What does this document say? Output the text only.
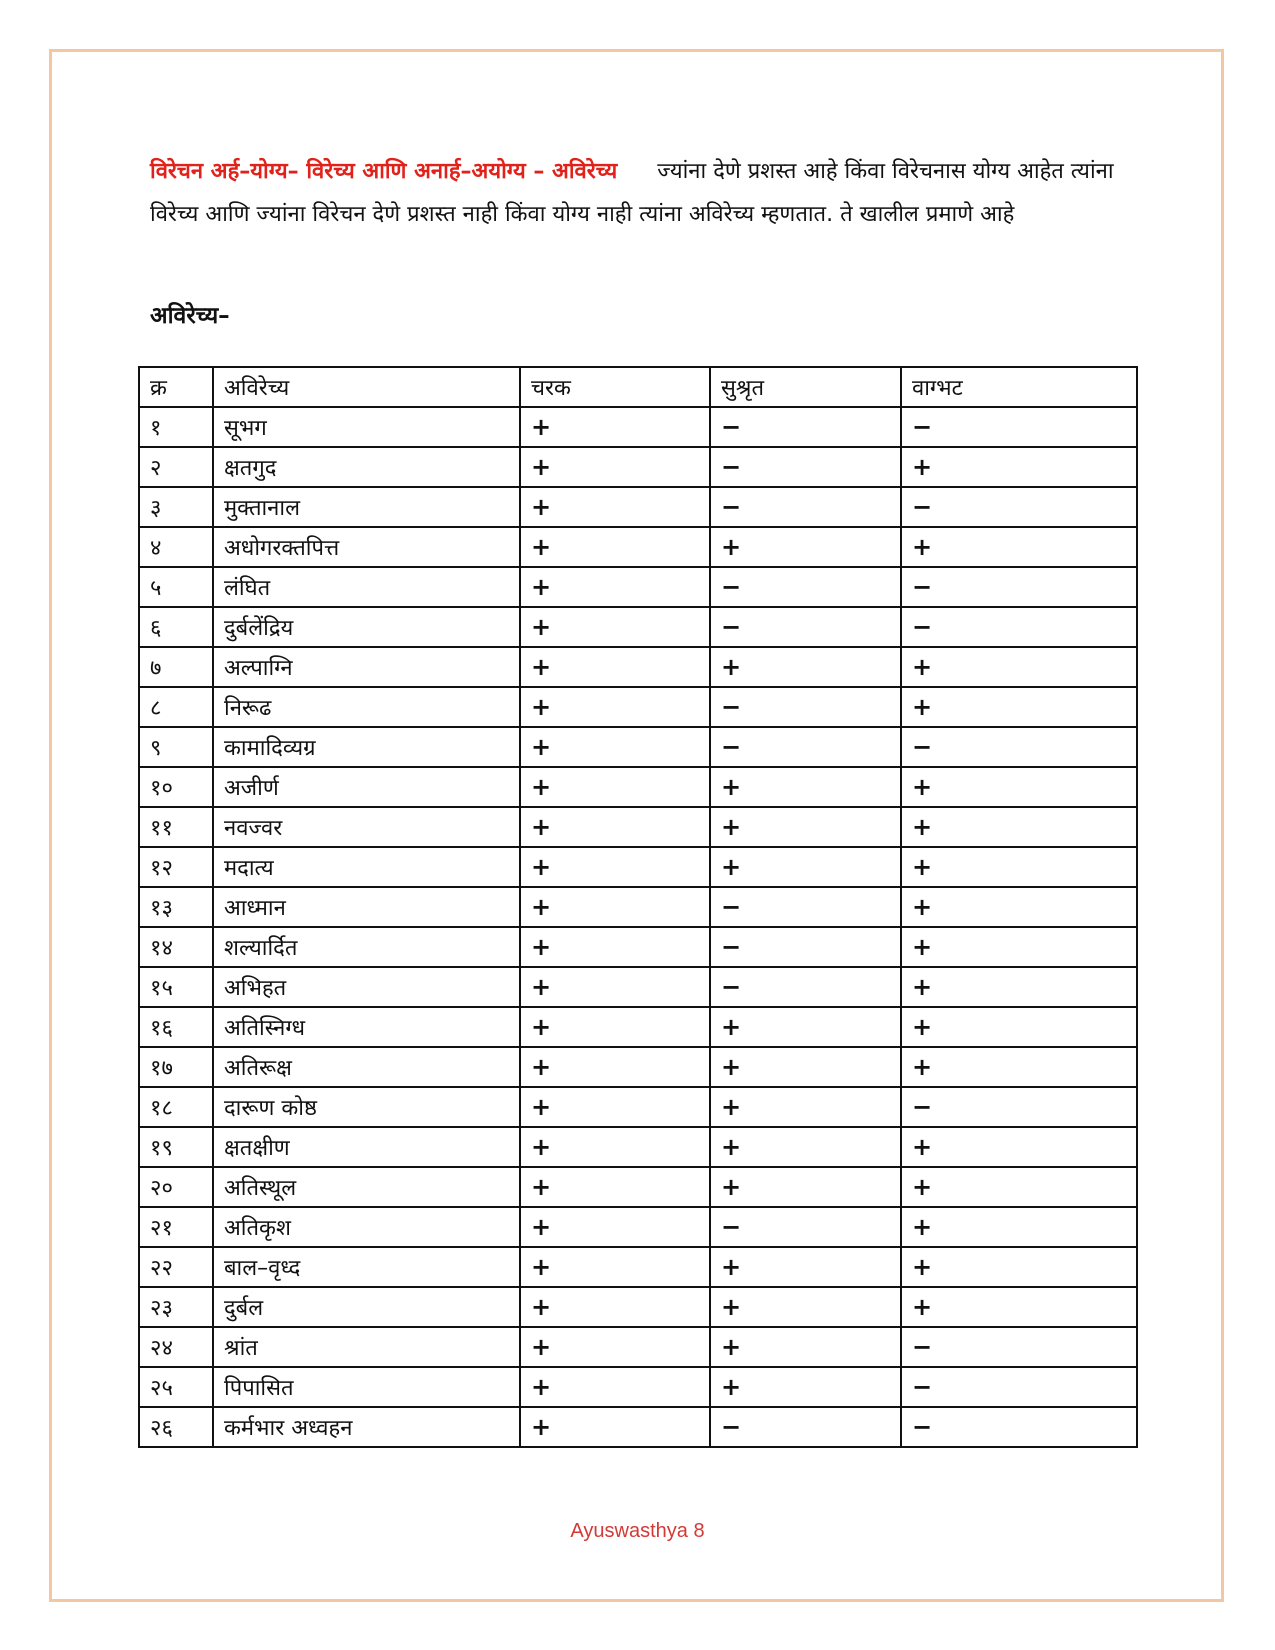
विरेचन अर्ह–योग्य– विरेच्य आणि अनार्ह–अयोग्य – अविरेच्य ज्यांना देणे प्रशस्त आहे किंवा विरेचनास योग्य आहेत त्यांना विरेच्य आणि ज्यांना विरेचन देणे प्रशस्त नाही किंवा योग्य नाही त्यांना अविरेच्य म्हणतात. ते खालील प्रमाणे आहे

अविरेच्य–
क्र	अविरेच्य	चरक	सुश्रृत	वाग्भट
१	सूभग	+	−	−
२	क्षतगुद	+	−	+
३	मुक्तानाल	+	−	−
४	अधोगरक्तपित्त	+	+	+
५	लंघित	+	−	−
६	दुर्बलेंद्रिय	+	−	−
७	अल्पाग्नि	+	+	+
८	निरूढ	+	−	+
९	कामादिव्यग्र	+	−	−
१०	अजीर्ण	+	+	+
११	नवज्वर	+	+	+
१२	मदात्य	+	+	+
१३	आध्मान	+	−	+
१४	शल्यार्दित	+	−	+
१५	अभिहत	+	−	+
१६	अतिस्निग्ध	+	+	+
१७	अतिरूक्ष	+	+	+
१८	दारूण कोष्ठ	+	+	−
१९	क्षतक्षीण	+	+	+
२०	अतिस्थूल	+	+	+
२१	अतिकृश	+	−	+
२२	बाल–वृध्द	+	+	+
२३	दुर्बल	+	+	+
२४	श्रांत	+	+	−
२५	पिपासित	+	+	−
२६	कर्मभार अध्वहन	+	−	−
Ayuswasthya 8
